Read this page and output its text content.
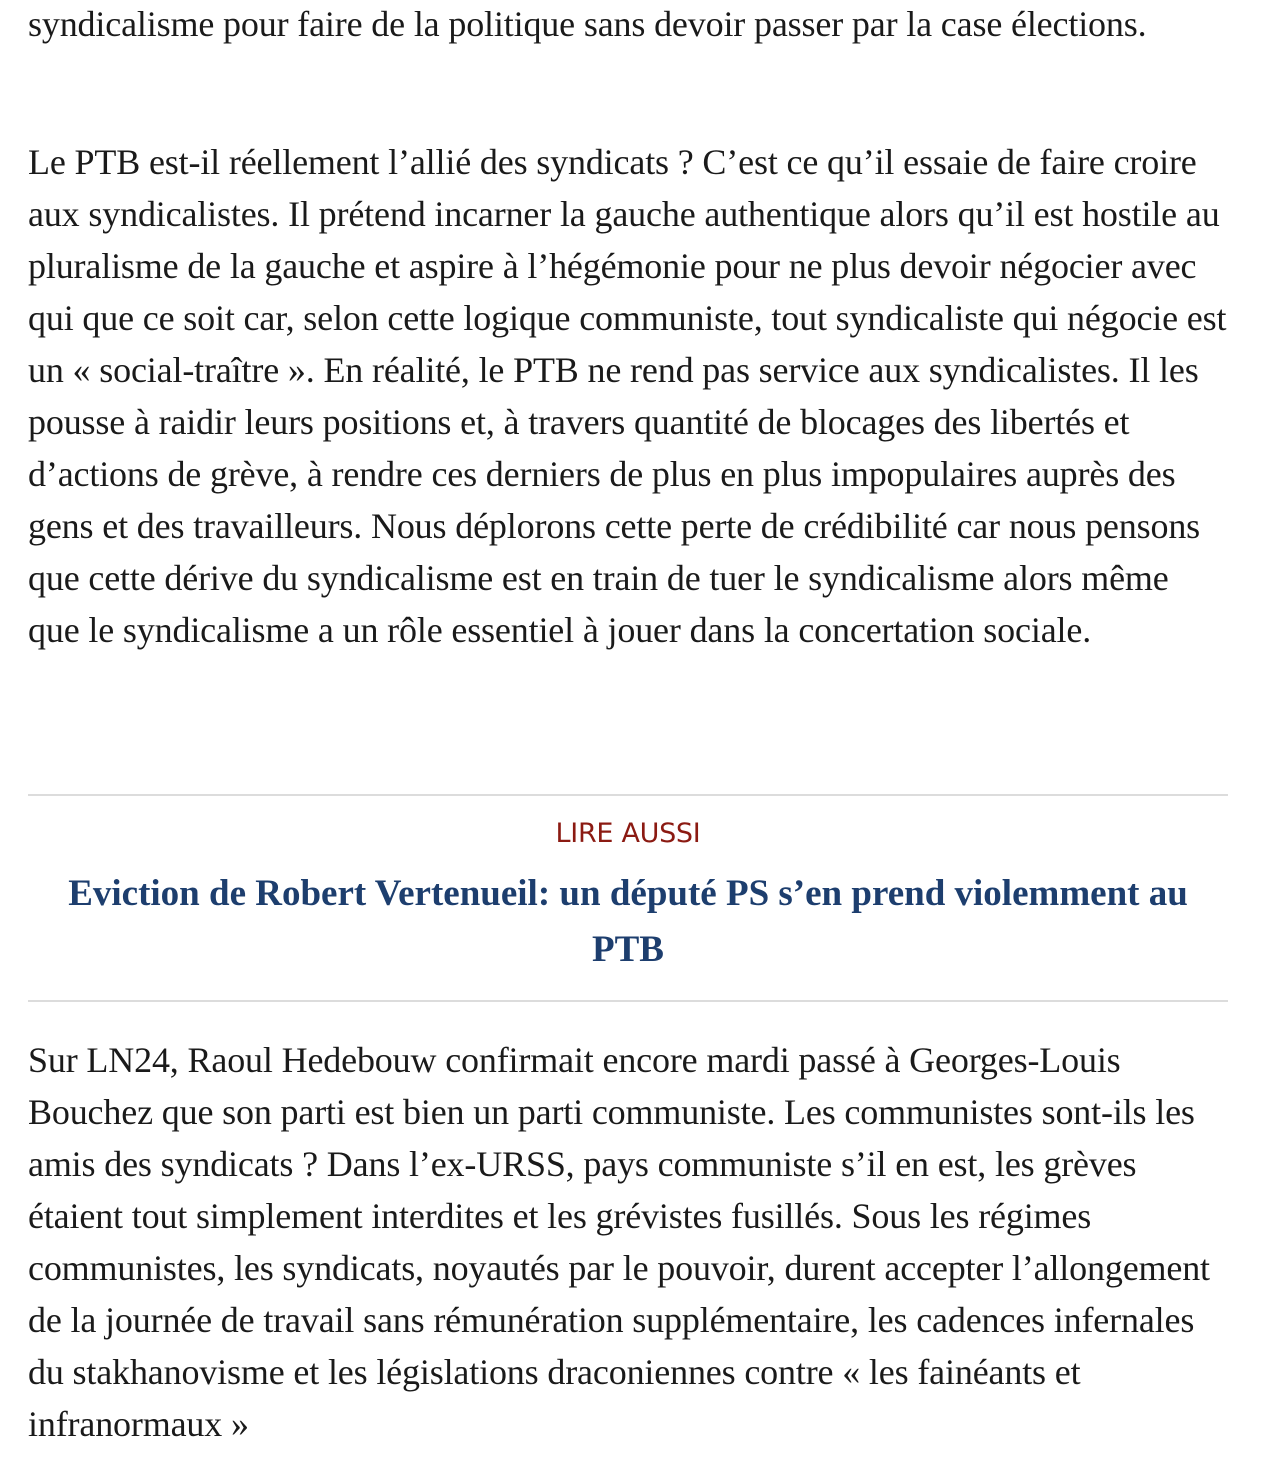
syndicalisme pour faire de la politique sans devoir passer par la case élections.

Le PTB est-il réellement l’allié des syndicats ? C’est ce qu’il essaie de faire croire aux syndicalistes. Il prétend incarner la gauche authentique alors qu’il est hostile au pluralisme de la gauche et aspire à l’hégémonie pour ne plus devoir négocier avec qui que ce soit car, selon cette logique communiste, tout syndicaliste qui négocie est un « social-traître ». En réalité, le PTB ne rend pas service aux syndicalistes. Il les pousse à raidir leurs positions et, à travers quantité de blocages des libertés et d’actions de grève, à rendre ces derniers de plus en plus impopulaires auprès des gens et des travailleurs. Nous déplorons cette perte de crédibilité car nous pensons que cette dérive du syndicalisme est en train de tuer le syndicalisme alors même que le syndicalisme a un rôle essentiel à jouer dans la concertation sociale.

LIRE AUSSI
Eviction de Robert Vertenueil: un député PS s’en prend violemment au PTB

Sur LN24, Raoul Hedebouw confirmait encore mardi passé à Georges-Louis Bouchez que son parti est bien un parti communiste. Les communistes sont-ils les amis des syndicats ? Dans l’ex-URSS, pays communiste s’il en est, les grèves étaient tout simplement interdites et les grévistes fusillés. Sous les régimes communistes, les syndicats, noyautés par le pouvoir, durent accepter l’allongement de la journée de travail sans rémunération supplémentaire, les cadences infernales du stakhanovisme et les législations draconiennes contre « les fainéants et infranormaux »
